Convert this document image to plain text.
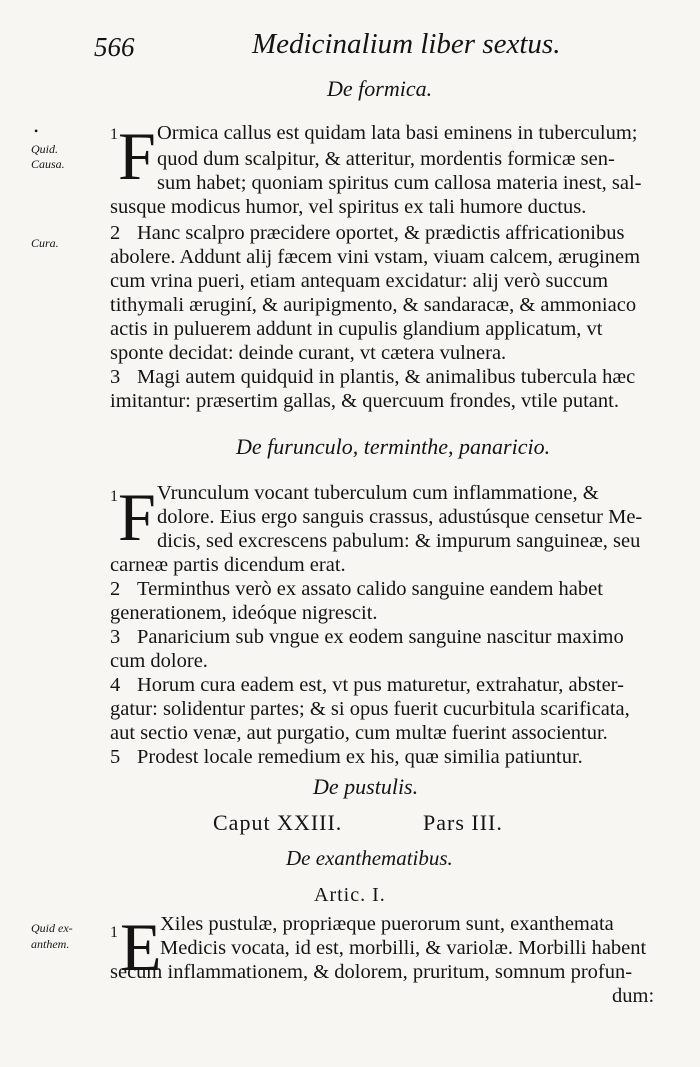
566	Medicinalium liber sextus.
•
Quid.
Causa.
Cura.
Quid ex-
anthem.
De formica.
1 F Ormica callus est quidam lata basi eminens in tuberculum;
quod dum scalpitur, & atteritur, mordentis formicæ sen-
sum habet; quoniam spiritus cum callosa materia inest, sal-
susque modicus humor, vel spiritus ex tali humore ductus.
2 Hanc scalpro præcidere oportet, & prædictis affricationibus
abolere. Addunt alij fæcem vini vstam, viuam calcem, æruginem
cum vrina pueri, etiam antequam excidatur: alij verò succum
tithymali æruginí, & auripigmento, & sandaracæ, & ammoniaco
actis in puluerem addunt in cupulis glandium applicatum, vt
sponte decidat: deinde curant, vt cætera vulnera.
3 Magi autem quidquid in plantis, & animalibus tubercula hæc
imitantur: præsertim gallas, & quercuum frondes, vtile putant.
De furunculo, terminthe, panaricio.
1 F Vrunculum vocant tuberculum cum inflammatione, &
dolore. Eius ergo sanguis crassus, adustúsque censetur Me-
dicis, sed excrescens pabulum: & impurum sanguineæ, seu
carneæ partis dicendum erat.
2 Terminthus verò ex assato calido sanguine eandem habet
generationem, ideóque nigrescit.
3 Panaricium sub vngue ex eodem sanguine nascitur maximo
cum dolore.
4 Horum cura eadem est, vt pus maturetur, extrahatur, abster-
gatur: solidentur partes; & si opus fuerit cucurbitula scarificata,
aut sectio venæ, aut purgatio, cum multæ fuerint associentur.
5 Prodest locale remedium ex his, quæ similia patiuntur.
De pustulis.
Caput XXIII.	Pars III.
De exanthematibus.
Artic. I.
1 E
Xiles pustulæ, propriæque puerorum sunt, exanthemata
Medicis vocata, id est, morbilli, & variolæ. Morbilli habent
secum inflammationem, & dolorem, pruritum, somnum profun-
dum:
